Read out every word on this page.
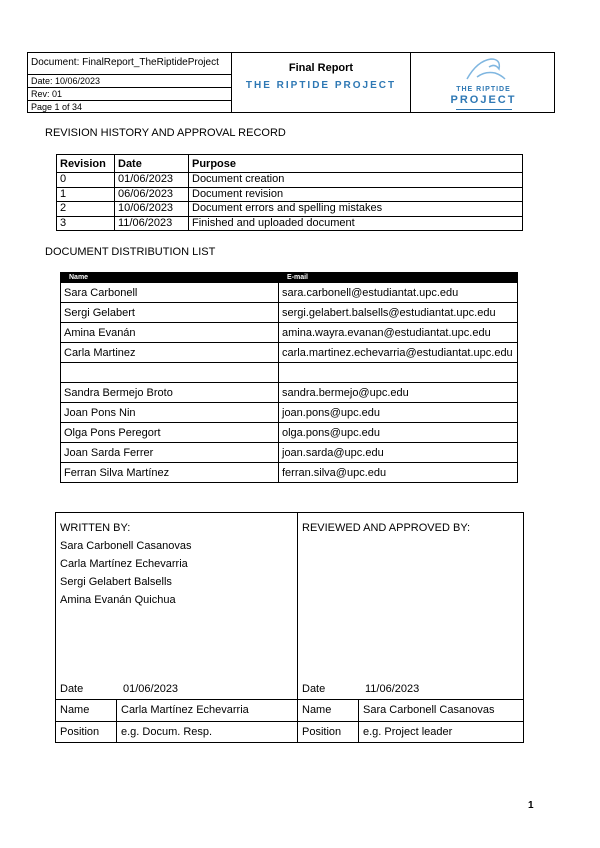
Document: FinalReport_TheRiptideProject
Date: 10/06/2023
Rev: 01
Page 1 of 34
Final Report
THE RIPTIDE PROJECT	THE RIPTIDE
PROJECT
REVISION HISTORY AND APPROVAL RECORD
Revision	Date	Purpose
0	01/06/2023	Document creation
1	06/06/2023	Document revision
2	10/06/2023	Document errors and spelling mistakes
3	11/06/2023	Finished and uploaded document
DOCUMENT DISTRIBUTION LIST
Name	E-mail
Sara Carbonell	sara.carbonell@estudiantat.upc.edu
Sergi Gelabert	sergi.gelabert.balsells@estudiantat.upc.edu
Amina Evanán	amina.wayra.evanan@estudiantat.upc.edu
Carla Martinez	carla.martinez.echevarria@estudiantat.upc.edu

Sandra Bermejo Broto	sandra.bermejo@upc.edu
Joan Pons Nin	joan.pons@upc.edu
Olga Pons Peregort	olga.pons@upc.edu
Joan Sarda Ferrer	joan.sarda@upc.edu
Ferran Silva Martínez	ferran.silva@upc.edu
WRITTEN BY:
Sara Carbonell Casanovas
Carla Martínez Echevarria
Sergi Gelabert Balsells
Amina Evanán Quichua
Date	01/06/2023
Name	Carla Martínez Echevarria
Position	e.g. Docum. Resp.
REVIEWED AND APPROVED BY:
Date	11/06/2023
Name	Sara Carbonell Casanovas
Position	e.g. Project leader
1
